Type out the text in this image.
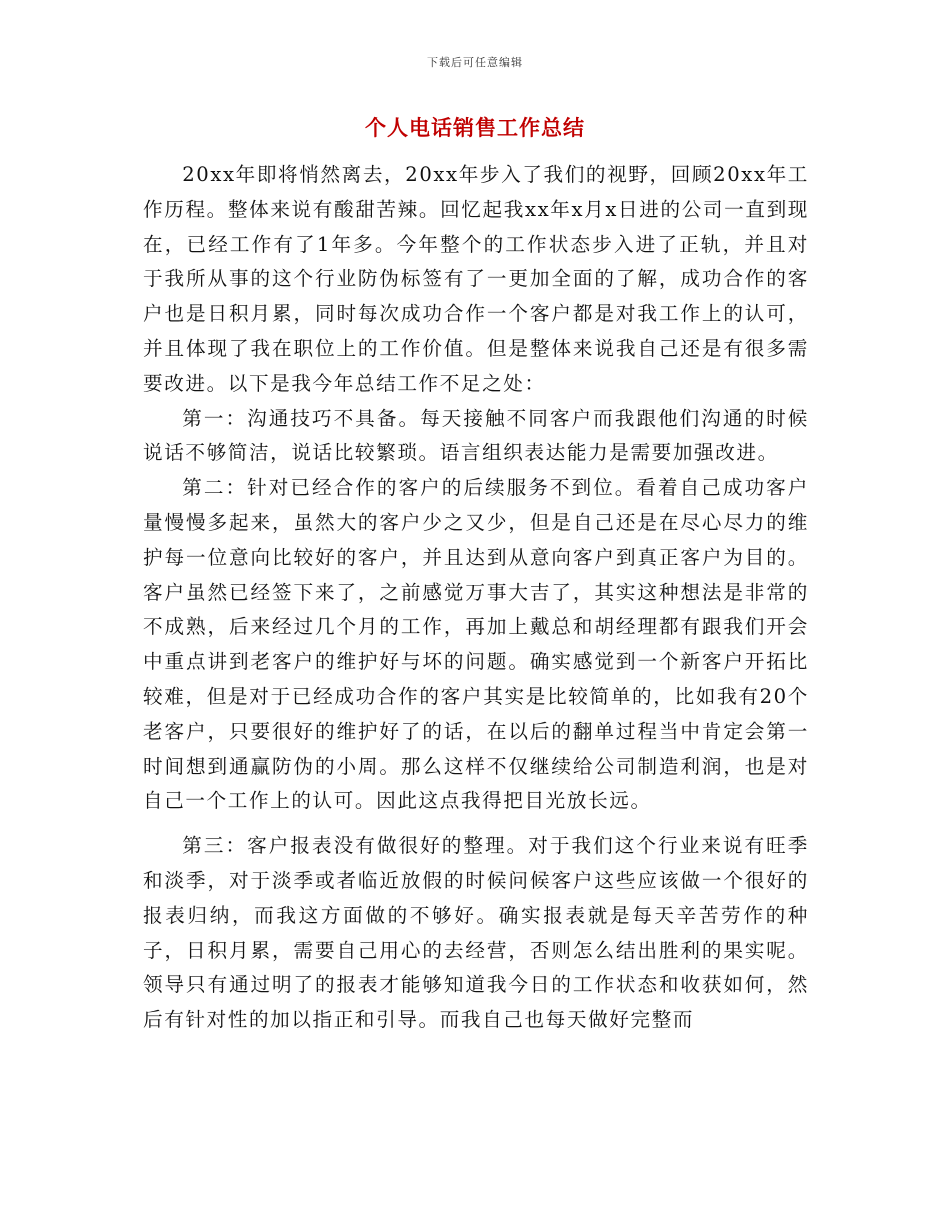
下载后可任意编辑
个人电话销售工作总结

20xx年即将悄然离去，20xx年步入了我们的视野，回顾20xx年工作历程。整体来说有酸甜苦辣。回忆起我xx年x月x日进的公司一直到现在，已经工作有了1年多。今年整个的工作状态步入进了正轨，并且对于我所从事的这个行业防伪标签有了一更加全面的了解，成功合作的客户也是日积月累，同时每次成功合作一个客户都是对我工作上的认可，并且体现了我在职位上的工作价值。但是整体来说我自己还是有很多需要改进。以下是我今年总结工作不足之处：

第一：沟通技巧不具备。每天接触不同客户而我跟他们沟通的时候说话不够简洁，说话比较繁琐。语言组织表达能力是需要加强改进。

第二：针对已经合作的客户的后续服务不到位。看着自己成功客户量慢慢多起来，虽然大的客户少之又少，但是自己还是在尽心尽力的维护每一位意向比较好的客户，并且达到从意向客户到真正客户为目的。客户虽然已经签下来了，之前感觉万事大吉了，其实这种想法是非常的不成熟，后来经过几个月的工作，再加上戴总和胡经理都有跟我们开会中重点讲到老客户的维护好与坏的问题。确实感觉到一个新客户开拓比较难，但是对于已经成功合作的客户其实是比较简单的，比如我有20个老客户，只要很好的维护好了的话，在以后的翻单过程当中肯定会第一时间想到通赢防伪的小周。那么这样不仅继续给公司制造利润，也是对自己一个工作上的认可。因此这点我得把目光放长远。

第三：客户报表没有做很好的整理。对于我们这个行业来说有旺季和淡季，对于淡季或者临近放假的时候问候客户这些应该做一个很好的报表归纳，而我这方面做的不够好。确实报表就是每天辛苦劳作的种子，日积月累，需要自己用心的去经营，否则怎么结出胜利的果实呢。领导只有通过明了的报表才能够知道我今日的工作状态和收获如何，然后有针对性的加以指正和引导。而我自己也每天做好完整而
